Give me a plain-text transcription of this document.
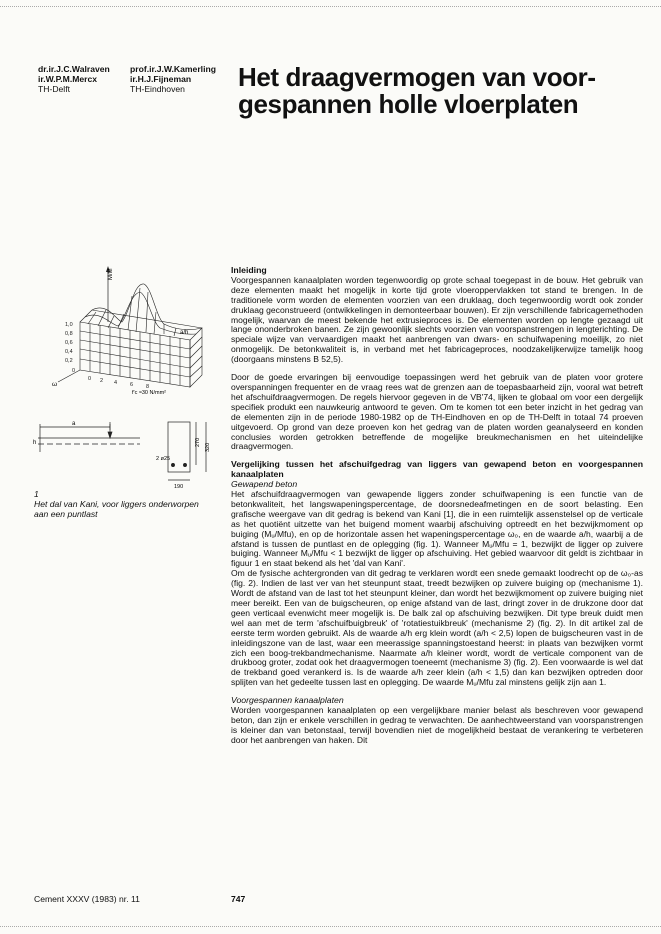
dr.ir.J.C.Walraven
ir.W.P.M.Mercx
TH-Delft
prof.ir.J.W.Kamerling
ir.H.J.Fijneman
TH-Eindhoven	Het draagvermogen van voor-
gespannen holle vloerplaten
M/M
ω
1,0
0,8
0,6
0,4
0,2
0
0 2 4 6 8
a/h
f'c ≈30 N/mm²
a
h
2 ø25
270
320
190
1
Het dal van Kani, voor liggers onderworpen
aan een puntlast

Inleiding

Voorgespannen kanaalplaten worden tegenwoordig op grote schaal toegepast in de bouw. Het gebruik van deze elementen maakt het mogelijk in korte tijd grote vloeroppervlakken tot stand te brengen. In de traditionele vorm worden de elementen voorzien van een druklaag, doch tegenwoordig wordt ook zonder druklaag geconstrueerd (ontwikkelingen in demonteerbaar bouwen). Er zijn verschillende fabricagemethoden mogelijk, waarvan de meest bekende het extrusieproces is. De elementen worden op lengte gezaagd uit lange ononderbroken banen. Ze zijn gewoonlijk slechts voorzien van voorspanstrengen in lengterichting. De speciale wijze van vervaardigen maakt het aanbrengen van dwars- en schuifwapening moeilijk, zo niet onmogelijk. De betonkwaliteit is, in verband met het fabricageproces, noodzakelijkerwijze tamelijk hoog (doorgaans minstens B 52,5).

Door de goede ervaringen bij eenvoudige toepassingen werd het gebruik van de platen voor grotere overspanningen frequenter en de vraag rees wat de grenzen aan de toepasbaarheid zijn, vooral wat betreft het afschuifdraagvermogen. De regels hiervoor gegeven in de VB'74, lijken te globaal om voor een dergelijk specifiek produkt een nauwkeurig antwoord te geven. Om te komen tot een beter inzicht in het gedrag van de elementen zijn in de periode 1980-1982 op de TH-Eindhoven en op de TH-Delft in totaal 74 proeven uitgevoerd. Op grond van deze proeven kon het gedrag van de platen worden geanalyseerd en konden conclusies worden getrokken betreffende de mogelijke breukmechanismen en het uiteindelijke draagvermogen.

Vergelijking tussen het afschuifgedrag van liggers van gewapend beton en voorgespannen kanaalplaten

Gewapend beton

Het afschuifdraagvermogen van gewapende liggers zonder schuifwapening is een functie van de betonkwaliteit, het langswapeningspercentage, de doorsnedeafmetingen en de soort belasting. Een grafische weergave van dit gedrag is bekend van Kani [1], die in een ruimtelijk assenstelsel op de verticale as het quotiënt uitzette van het buigend moment waarbij afschuiving optreedt en het bezwijkmoment op buiging (Mᵤ/Mfu), en op de horizontale assen het wapeningspercentage ω₀, en de waarde a/h, waarbij a de afstand is tussen de puntlast en de oplegging (fig. 1). Wanneer Mᵤ/Mfu = 1, bezwijkt de ligger op zuivere buiging. Wanneer Mᵤ/Mfu < 1 bezwijkt de ligger op afschuiving. Het gebied waarvoor dit geldt is zichtbaar in figuur 1 en staat bekend als het 'dal van Kani'.

Om de fysische achtergronden van dit gedrag te verklaren wordt een snede gemaakt loodrecht op de ω₀-as (fig. 2). Indien de last ver van het steunpunt staat, treedt bezwijken op zuivere buiging op (mechanisme 1). Wordt de afstand van de last tot het steunpunt kleiner, dan wordt het bezwijkmoment op zuivere buiging niet meer bereikt. Een van de buigscheuren, op enige afstand van de last, dringt zover in de drukzone door dat geen verticaal evenwicht meer mogelijk is. De balk zal op afschuiving bezwijken. Dit type breuk duidt men wel aan met de term 'afschuifbuigbreuk' of 'rotatiestuikbreuk' (mechanisme 2) (fig. 2). In dit artikel zal de eerste term worden gebruikt. Als de waarde a/h erg klein wordt (a/h < 2,5) lopen de buigscheuren vast in de inleidingszone van de last, waar een meerassige spanningstoestand heerst: in plaats van bezwijken vormt zich een boog-trekbandmechanisme. Naarmate a/h kleiner wordt, wordt de verticale component van de drukboog groter, zodat ook het draagvermogen toeneemt (mechanisme 3) (fig. 2). Een voorwaarde is wel dat de trekband goed verankerd is. Is de waarde a/h zeer klein (a/h < 1,5) dan kan bezwijken optreden door splijten van het gedeelte tussen last en oplegging. De waarde Mᵤ/Mfu zal minstens gelijk zijn aan 1.

Voorgespannen kanaalplaten

Worden voorgespannen kanaalplaten op een vergelijkbare manier belast als beschreven voor gewapend beton, dan zijn er enkele verschillen in gedrag te verwachten. De aanhechtweerstand van voorspanstrengen is kleiner dan van betonstaal, terwijl bovendien niet de mogelijkheid bestaat de verankering te verbeteren door het aanbrengen van haken. Dit

Cement XXXV (1983) nr. 11	747
